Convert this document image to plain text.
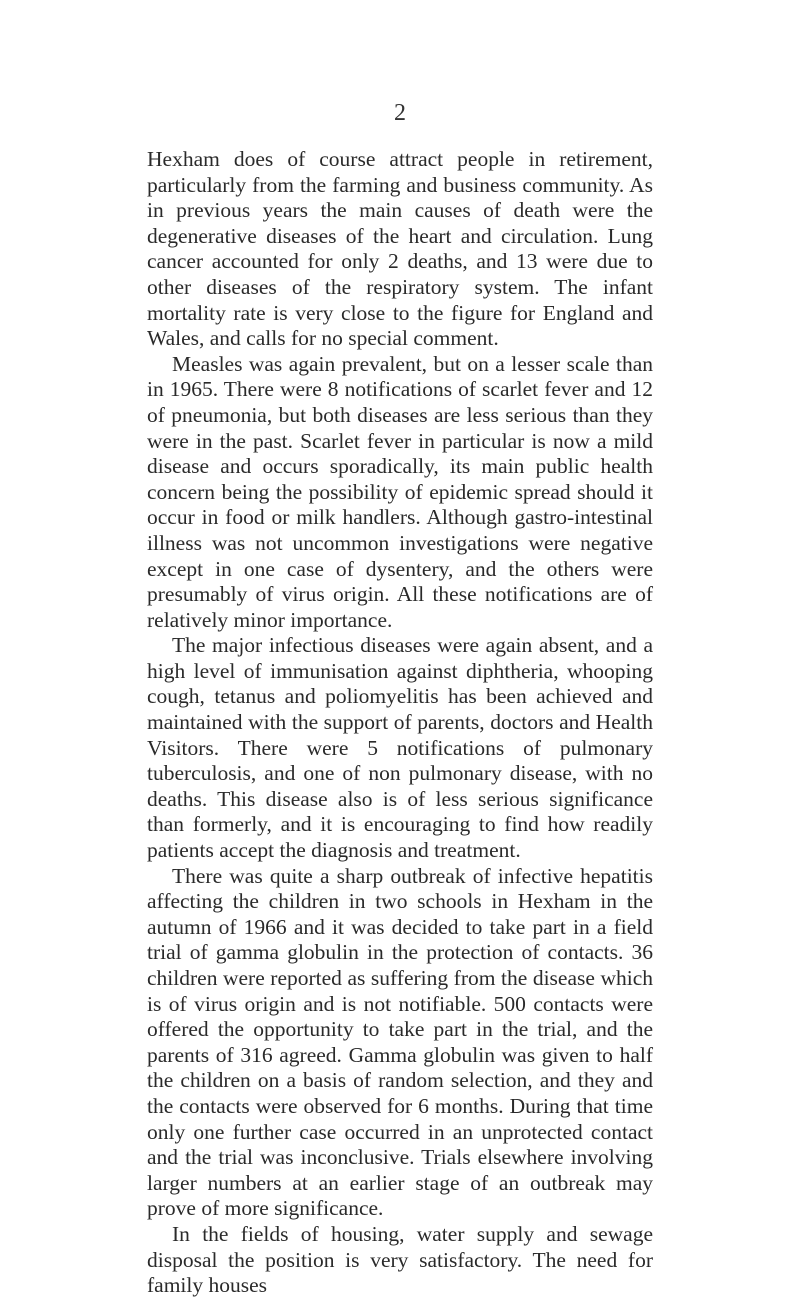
2

Hexham does of course attract people in retirement, particularly from the farming and business community. As in previous years the main causes of death were the degenerative diseases of the heart and circulation. Lung cancer accounted for only 2 deaths, and 13 were due to other diseases of the respiratory system. The infant mortality rate is very close to the figure for England and Wales, and calls for no special comment.

Measles was again prevalent, but on a lesser scale than in 1965. There were 8 notifications of scarlet fever and 12 of pneumonia, but both diseases are less serious than they were in the past. Scarlet fever in particular is now a mild disease and occurs sporadically, its main public health concern being the possibility of epidemic spread should it occur in food or milk handlers. Although gastro-intestinal illness was not uncommon investigations were negative except in one case of dysentery, and the others were presumably of virus origin. All these notifications are of relatively minor importance.

The major infectious diseases were again absent, and a high level of immunisation against diphtheria, whooping cough, tetanus and poliomyelitis has been achieved and maintained with the support of parents, doctors and Health Visitors. There were 5 notifications of pulmonary tuberculosis, and one of non pulmonary disease, with no deaths. This disease also is of less serious significance than formerly, and it is encouraging to find how readily patients accept the diagnosis and treatment.

There was quite a sharp outbreak of infective hepatitis affecting the children in two schools in Hexham in the autumn of 1966 and it was decided to take part in a field trial of gamma globulin in the protection of contacts. 36 children were reported as suffering from the disease which is of virus origin and is not notifiable. 500 contacts were offered the opportunity to take part in the trial, and the parents of 316 agreed. Gamma globulin was given to half the children on a basis of random selection, and they and the contacts were observed for 6 months. During that time only one further case occurred in an unprotected contact and the trial was inconclusive. Trials elsewhere involving larger numbers at an earlier stage of an outbreak may prove of more significance.

In the fields of housing, water supply and sewage disposal the position is very satisfactory. The need for family houses
